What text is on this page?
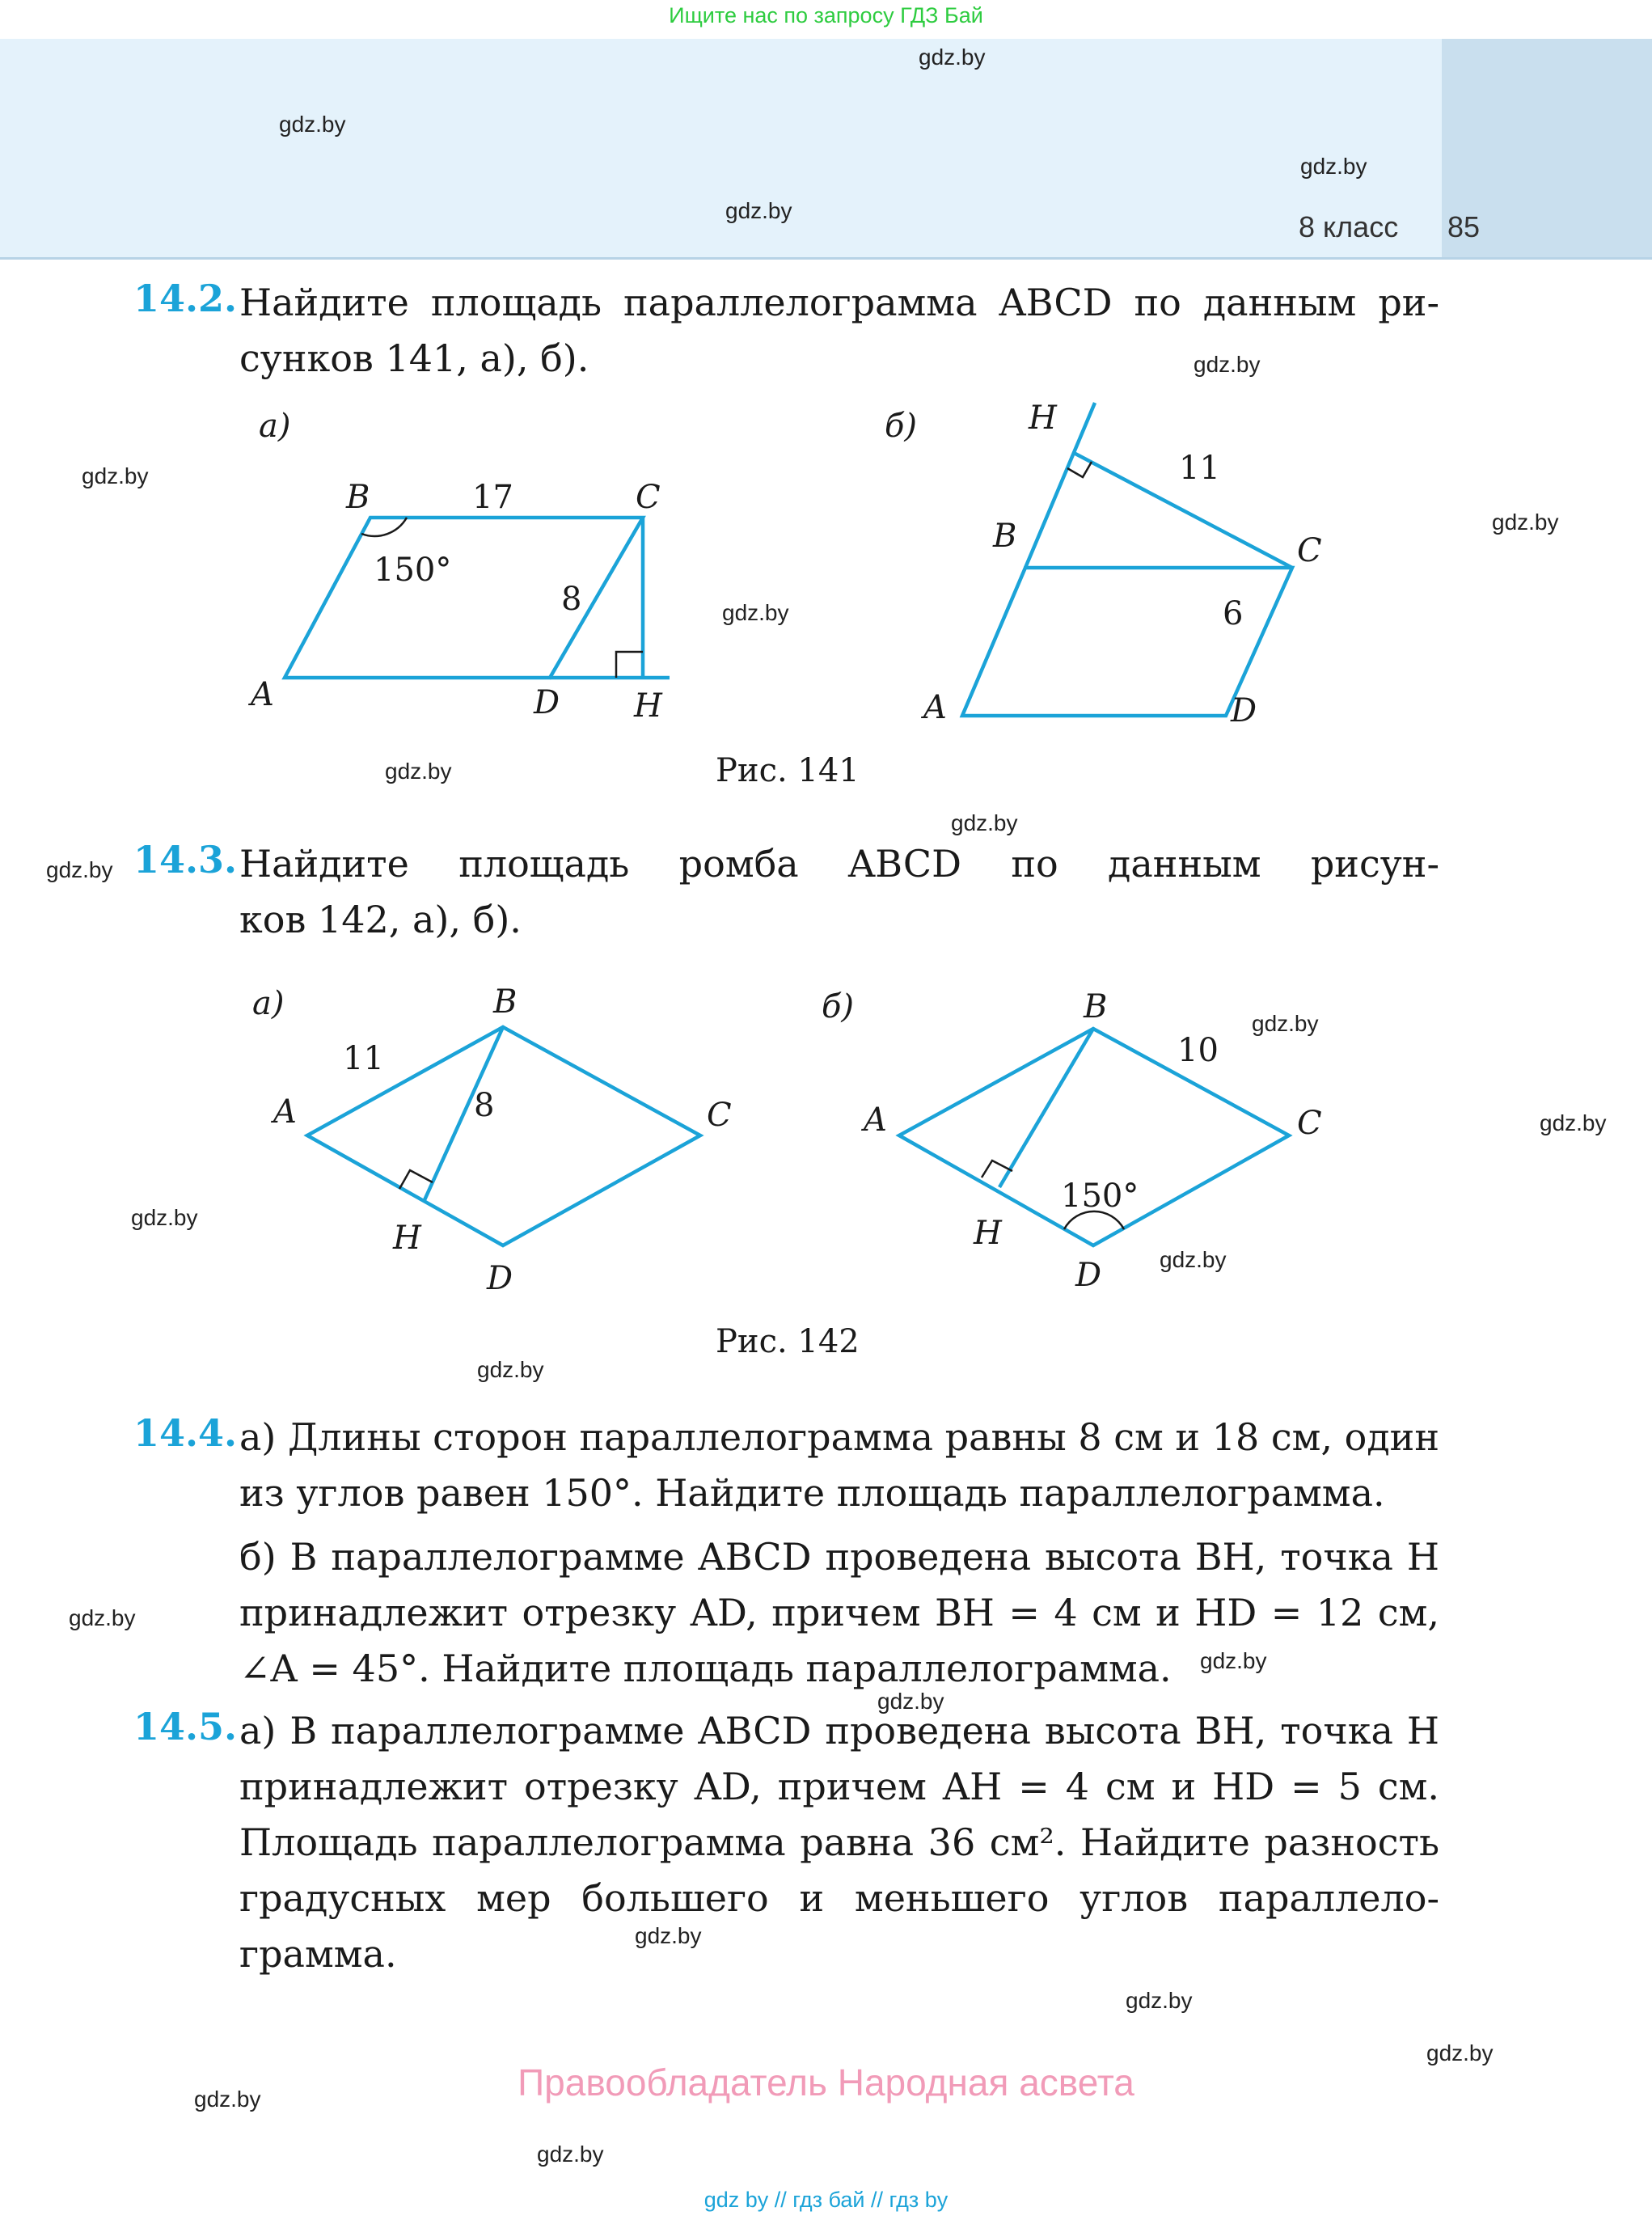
Ищите нас по запросу ГДЗ Бай
8 класс 85
gdz.by
gdz.by
gdz.by
gdz.by
gdz.by
gdz.by
gdz.by
gdz.by
gdz.by
gdz.by
gdz.by
gdz.by
gdz.by
gdz.by
gdz.by
gdz.by
gdz.by
gdz.by
gdz.by
gdz.by
gdz.by
gdz.by
gdz.by
gdz.by
14.2. Найдите площадь параллелограмма ABCD по данным ри-
сунков 141, а), б).
а)
B	17	C
150°
8
A	D H
б)	H
11
B	C
6
A	D
Рис. 141
14.3. Найдите площадь ромба ABCD по данным рисун-
ков 142, а), б).
а)	B
11
8
A	C
H
D
б)	B
10
A	C
150°
H
D
Рис. 142
14.4. а) Длины сторон параллелограмма равны 8 см и 18 см, один
из углов равен 150°. Найдите площадь параллелограмма.
б) В параллелограмме ABCD проведена высота BH, точка H
принадлежит отрезку AD, причем BH = 4 см и HD = 12 см,
∠A = 45°. Найдите площадь параллелограмма.
14.5. а) В параллелограмме ABCD проведена высота BH, точка H
принадлежит отрезку AD, причем AH = 4 см и HD = 5 см.
Площадь параллелограмма равна 36 см². Найдите разность
градусных мер большего и меньшего углов параллело-
грамма.
Правообладатель Народная асвета
gdz by // гдз бай // гдз by
